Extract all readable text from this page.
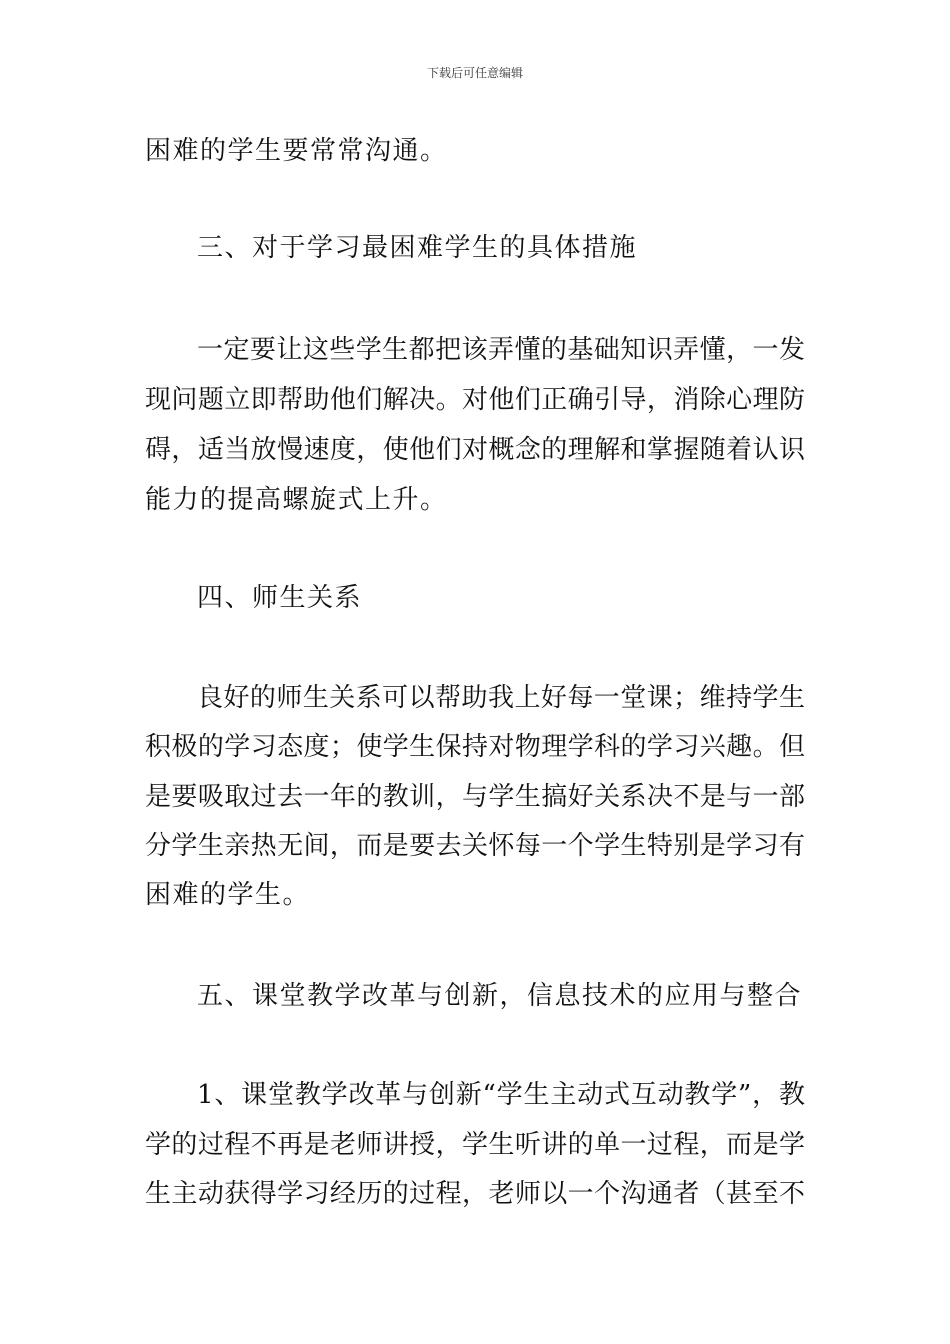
下载后可任意编辑
困难的学生要常常沟通。
三、对于学习最困难学生的具体措施
一定要让这些学生都把该弄懂的基础知识弄懂，一发
现问题立即帮助他们解决。对他们正确引导，消除心理防
碍，适当放慢速度，使他们对概念的理解和掌握随着认识
能力的提高螺旋式上升。
四、师生关系
良好的师生关系可以帮助我上好每一堂课；维持学生
积极的学习态度；使学生保持对物理学科的学习兴趣。但
是要吸取过去一年的教训，与学生搞好关系决不是与一部
分学生亲热无间，而是要去关怀每一个学生特别是学习有
困难的学生。
五、课堂教学改革与创新，信息技术的应用与整合
1、课堂教学改革与创新“学生主动式互动教学”，教
学的过程不再是老师讲授，学生听讲的单一过程，而是学
生主动获得学习经历的过程，老师以一个沟通者（甚至不
